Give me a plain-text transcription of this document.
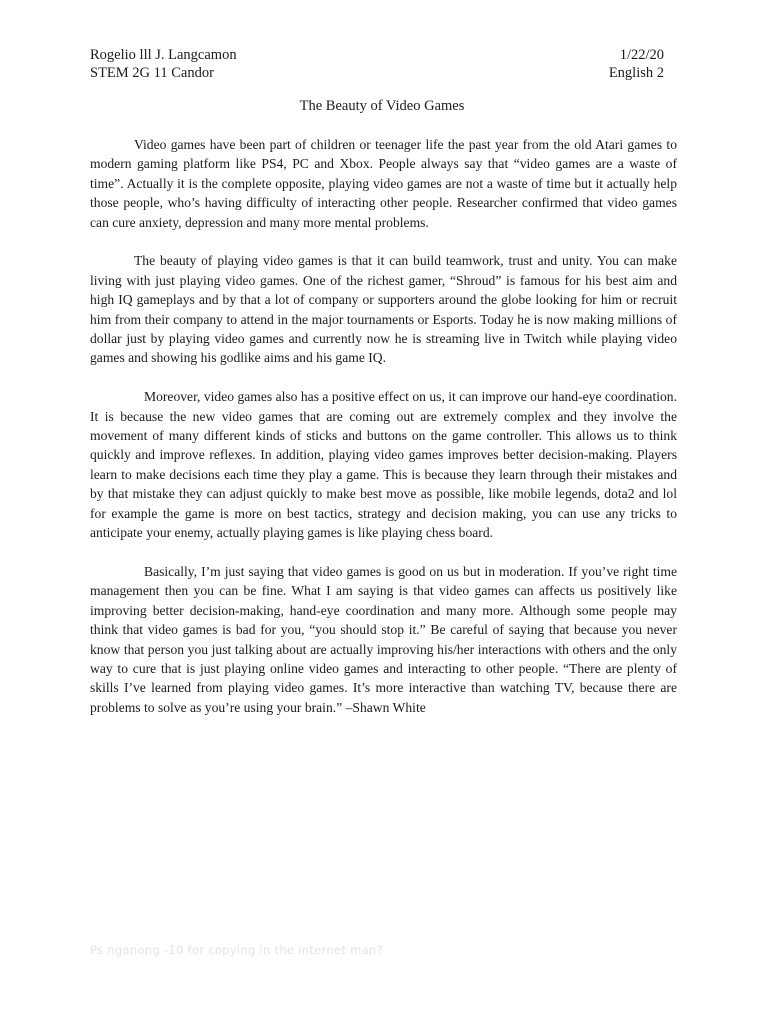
Rogelio lll J. Langcamon	1/22/20
STEM 2G 11 Candor	English 2
The Beauty of Video Games

Video games have been part of children or teenager life the past year from the old Atari games to modern gaming platform like PS4, PC and Xbox. People always say that “video games are a waste of time”. Actually it is the complete opposite, playing video games are not a waste of time but it actually help those people, who’s having difficulty of interacting other people. Researcher confirmed that video games can cure anxiety, depression and many more mental problems.

The beauty of playing video games is that it can build teamwork, trust and unity. You can make living with just playing video games. One of the richest gamer, “Shroud” is famous for his best aim and high IQ gameplays and by that a lot of company or supporters around the globe looking for him or recruit him from their company to attend in the major tournaments or Esports. Today he is now making millions of dollar just by playing video games and currently now he is streaming live in Twitch while playing video games and showing his godlike aims and his game IQ.

Moreover, video games also has a positive effect on us, it can improve our hand-eye coordination. It is because the new video games that are coming out are extremely complex and they involve the movement of many different kinds of sticks and buttons on the game controller. This allows us to think quickly and improve reflexes. In addition, playing video games improves better decision-making. Players learn to make decisions each time they play a game. This is because they learn through their mistakes and by that mistake they can adjust quickly to make best move as possible, like mobile legends, dota2 and lol for example the game is more on best tactics, strategy and decision making, you can use any tricks to anticipate your enemy, actually playing games is like playing chess board.

Basically, I’m just saying that video games is good on us but in moderation. If you’ve right time management then you can be fine. What I am saying is that video games can affects us positively like improving better decision-making, hand-eye coordination and many more. Although some people may think that video games is bad for you, “you should stop it.” Be careful of saying that because you never know that person you just talking about are actually improving his/her interactions with others and the only way to cure that is just playing online video games and interacting to other people. “There are plenty of skills I’ve learned from playing video games. It’s more interactive than watching TV, because there are problems to solve as you’re using your brain.” –Shawn White

Ps nganong -10 for copying in the internet man?
